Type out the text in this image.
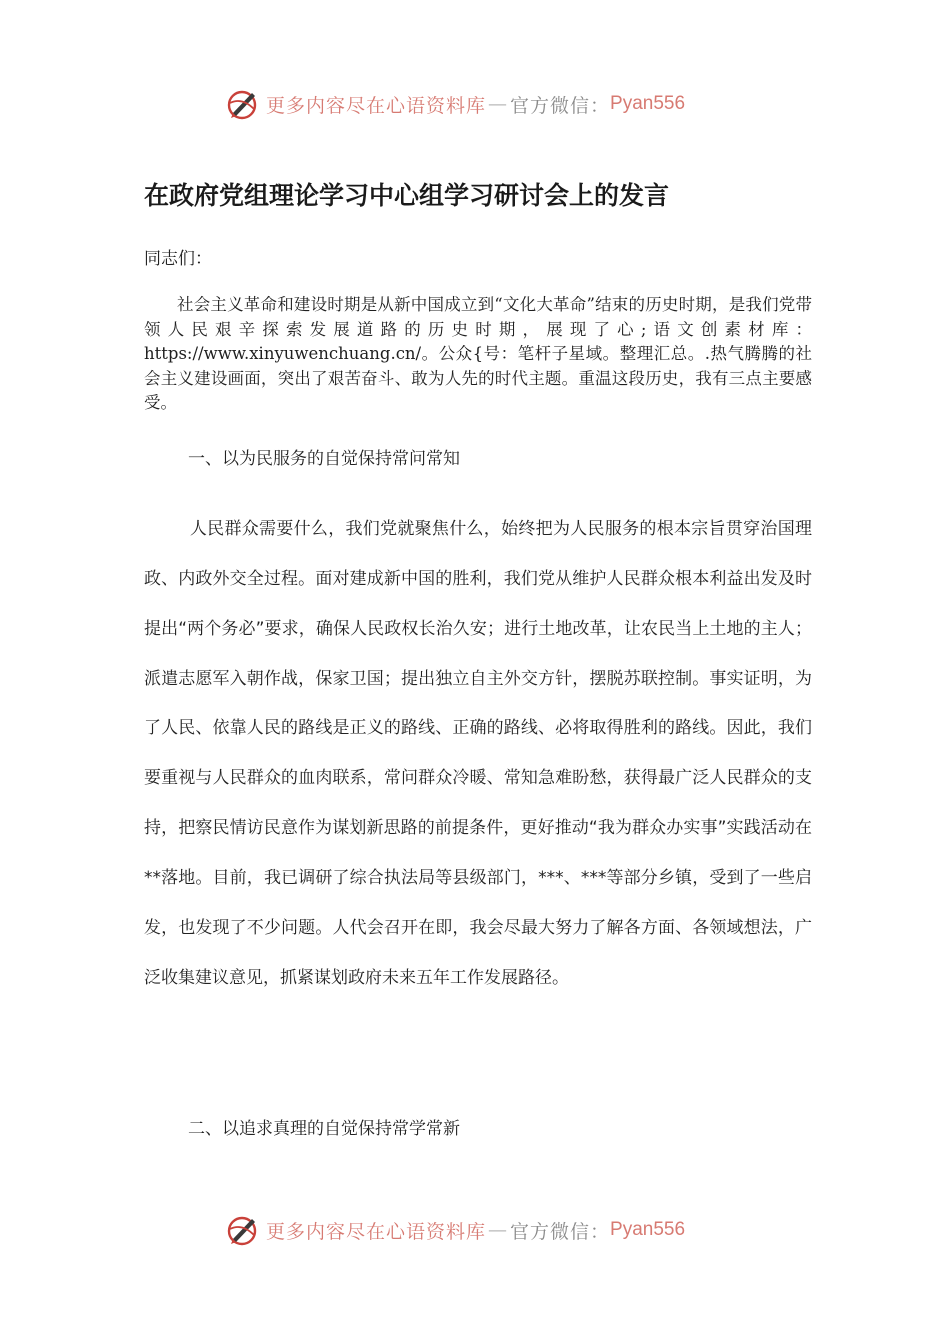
更多内容尽在心语资料库 — 官方微信： Pyan556
在政府党组理论学习中心组学习研讨会上的发言

同志们：

社会主义革命和建设时期是从新中国成立到“文化大革命”结束的历史时期，是我们党带领人民艰辛探索发展道路的历史时期，展现了心;语文创素材库：https://www.xinyuwenchuang.cn/。公众{号：笔杆子星域。整理汇总。.热气腾腾的社会主义建设画面，突出了艰苦奋斗、敢为人先的时代主题。重温这段历史，我有三点主要感受。

一、以为民服务的自觉保持常问常知

人民群众需要什么，我们党就聚焦什么，始终把为人民服务的根本宗旨贯穿治国理政、内政外交全过程。面对建成新中国的胜利，我们党从维护人民群众根本利益出发及时提出“两个务必”要求，确保人民政权长治久安；进行土地改革，让农民当上土地的主人；派遣志愿军入朝作战，保家卫国；提出独立自主外交方针，摆脱苏联控制。事实证明，为了人民、依靠人民的路线是正义的路线、正确的路线、必将取得胜利的路线。因此，我们要重视与人民群众的血肉联系，常问群众冷暖、常知急难盼愁，获得最广泛人民群众的支持，把察民情访民意作为谋划新思路的前提条件，更好推动“我为群众办实事”实践活动在**落地。目前，我已调研了综合执法局等县级部门，***、***等部分乡镇，受到了一些启发，也发现了不少问题。人代会召开在即，我会尽最大努力了解各方面、各领域想法，广泛收集建议意见，抓紧谋划政府未来五年工作发展路径。

二、以追求真理的自觉保持常学常新

更多内容尽在心语资料库 — 官方微信： Pyan556
